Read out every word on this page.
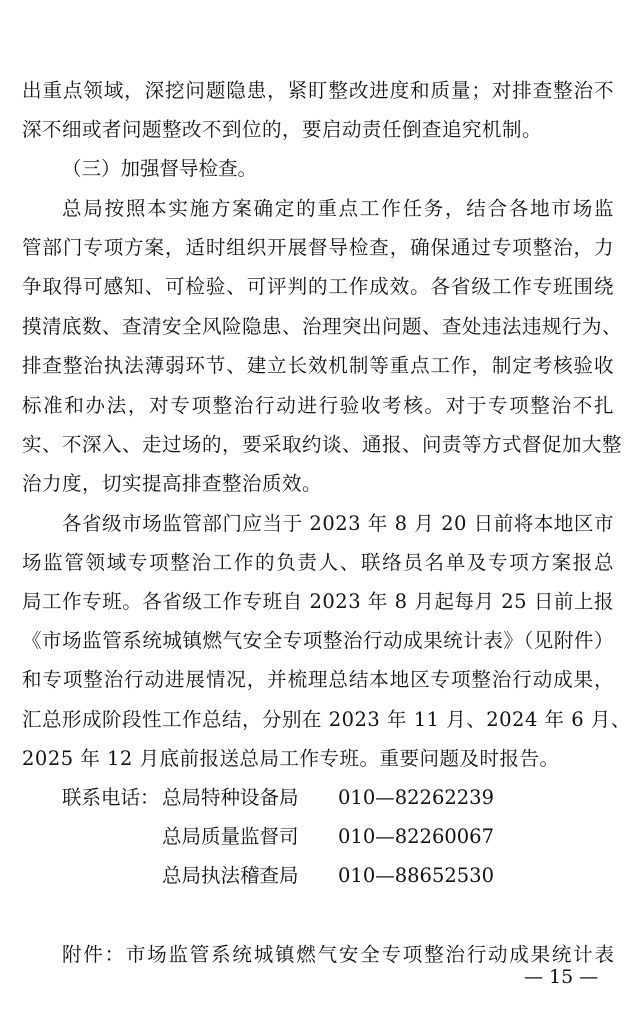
出重点领域，深挖问题隐患，紧盯整改进度和质量；对排查整治不
深不细或者问题整改不到位的，要启动责任倒查追究机制。
（三）加强督导检查。
总局按照本实施方案确定的重点工作任务，结合各地市场监
管部门专项方案，适时组织开展督导检查，确保通过专项整治，力
争取得可感知、可检验、可评判的工作成效。各省级工作专班围绕
摸清底数、查清安全风险隐患、治理突出问题、查处违法违规行为、
排查整治执法薄弱环节、建立长效机制等重点工作，制定考核验收
标准和办法，对专项整治行动进行验收考核。对于专项整治不扎
实、不深入、走过场的，要采取约谈、通报、问责等方式督促加大整
治力度，切实提高排查整治质效。
各省级市场监管部门应当于 2023 年 8 月 20 日前将本地区市
场监管领域专项整治工作的负责人、联络员名单及专项方案报总
局工作专班。各省级工作专班自 2023 年 8 月起每月 25 日前上报
《市场监管系统城镇燃气安全专项整治行动成果统计表》（见附件）
和专项整治行动进展情况，并梳理总结本地区专项整治行动成果，
汇总形成阶段性工作总结，分别在 2023 年 11 月、2024 年 6 月、
2025 年 12 月底前报送总局工作专班。重要问题及时报告。
联系电话： 总局特种设备局 010—82262239
总局质量监督司 010—82260067
总局执法稽查局 010—88652530
附件：市场监管系统城镇燃气安全专项整治行动成果统计表
— 15 —
